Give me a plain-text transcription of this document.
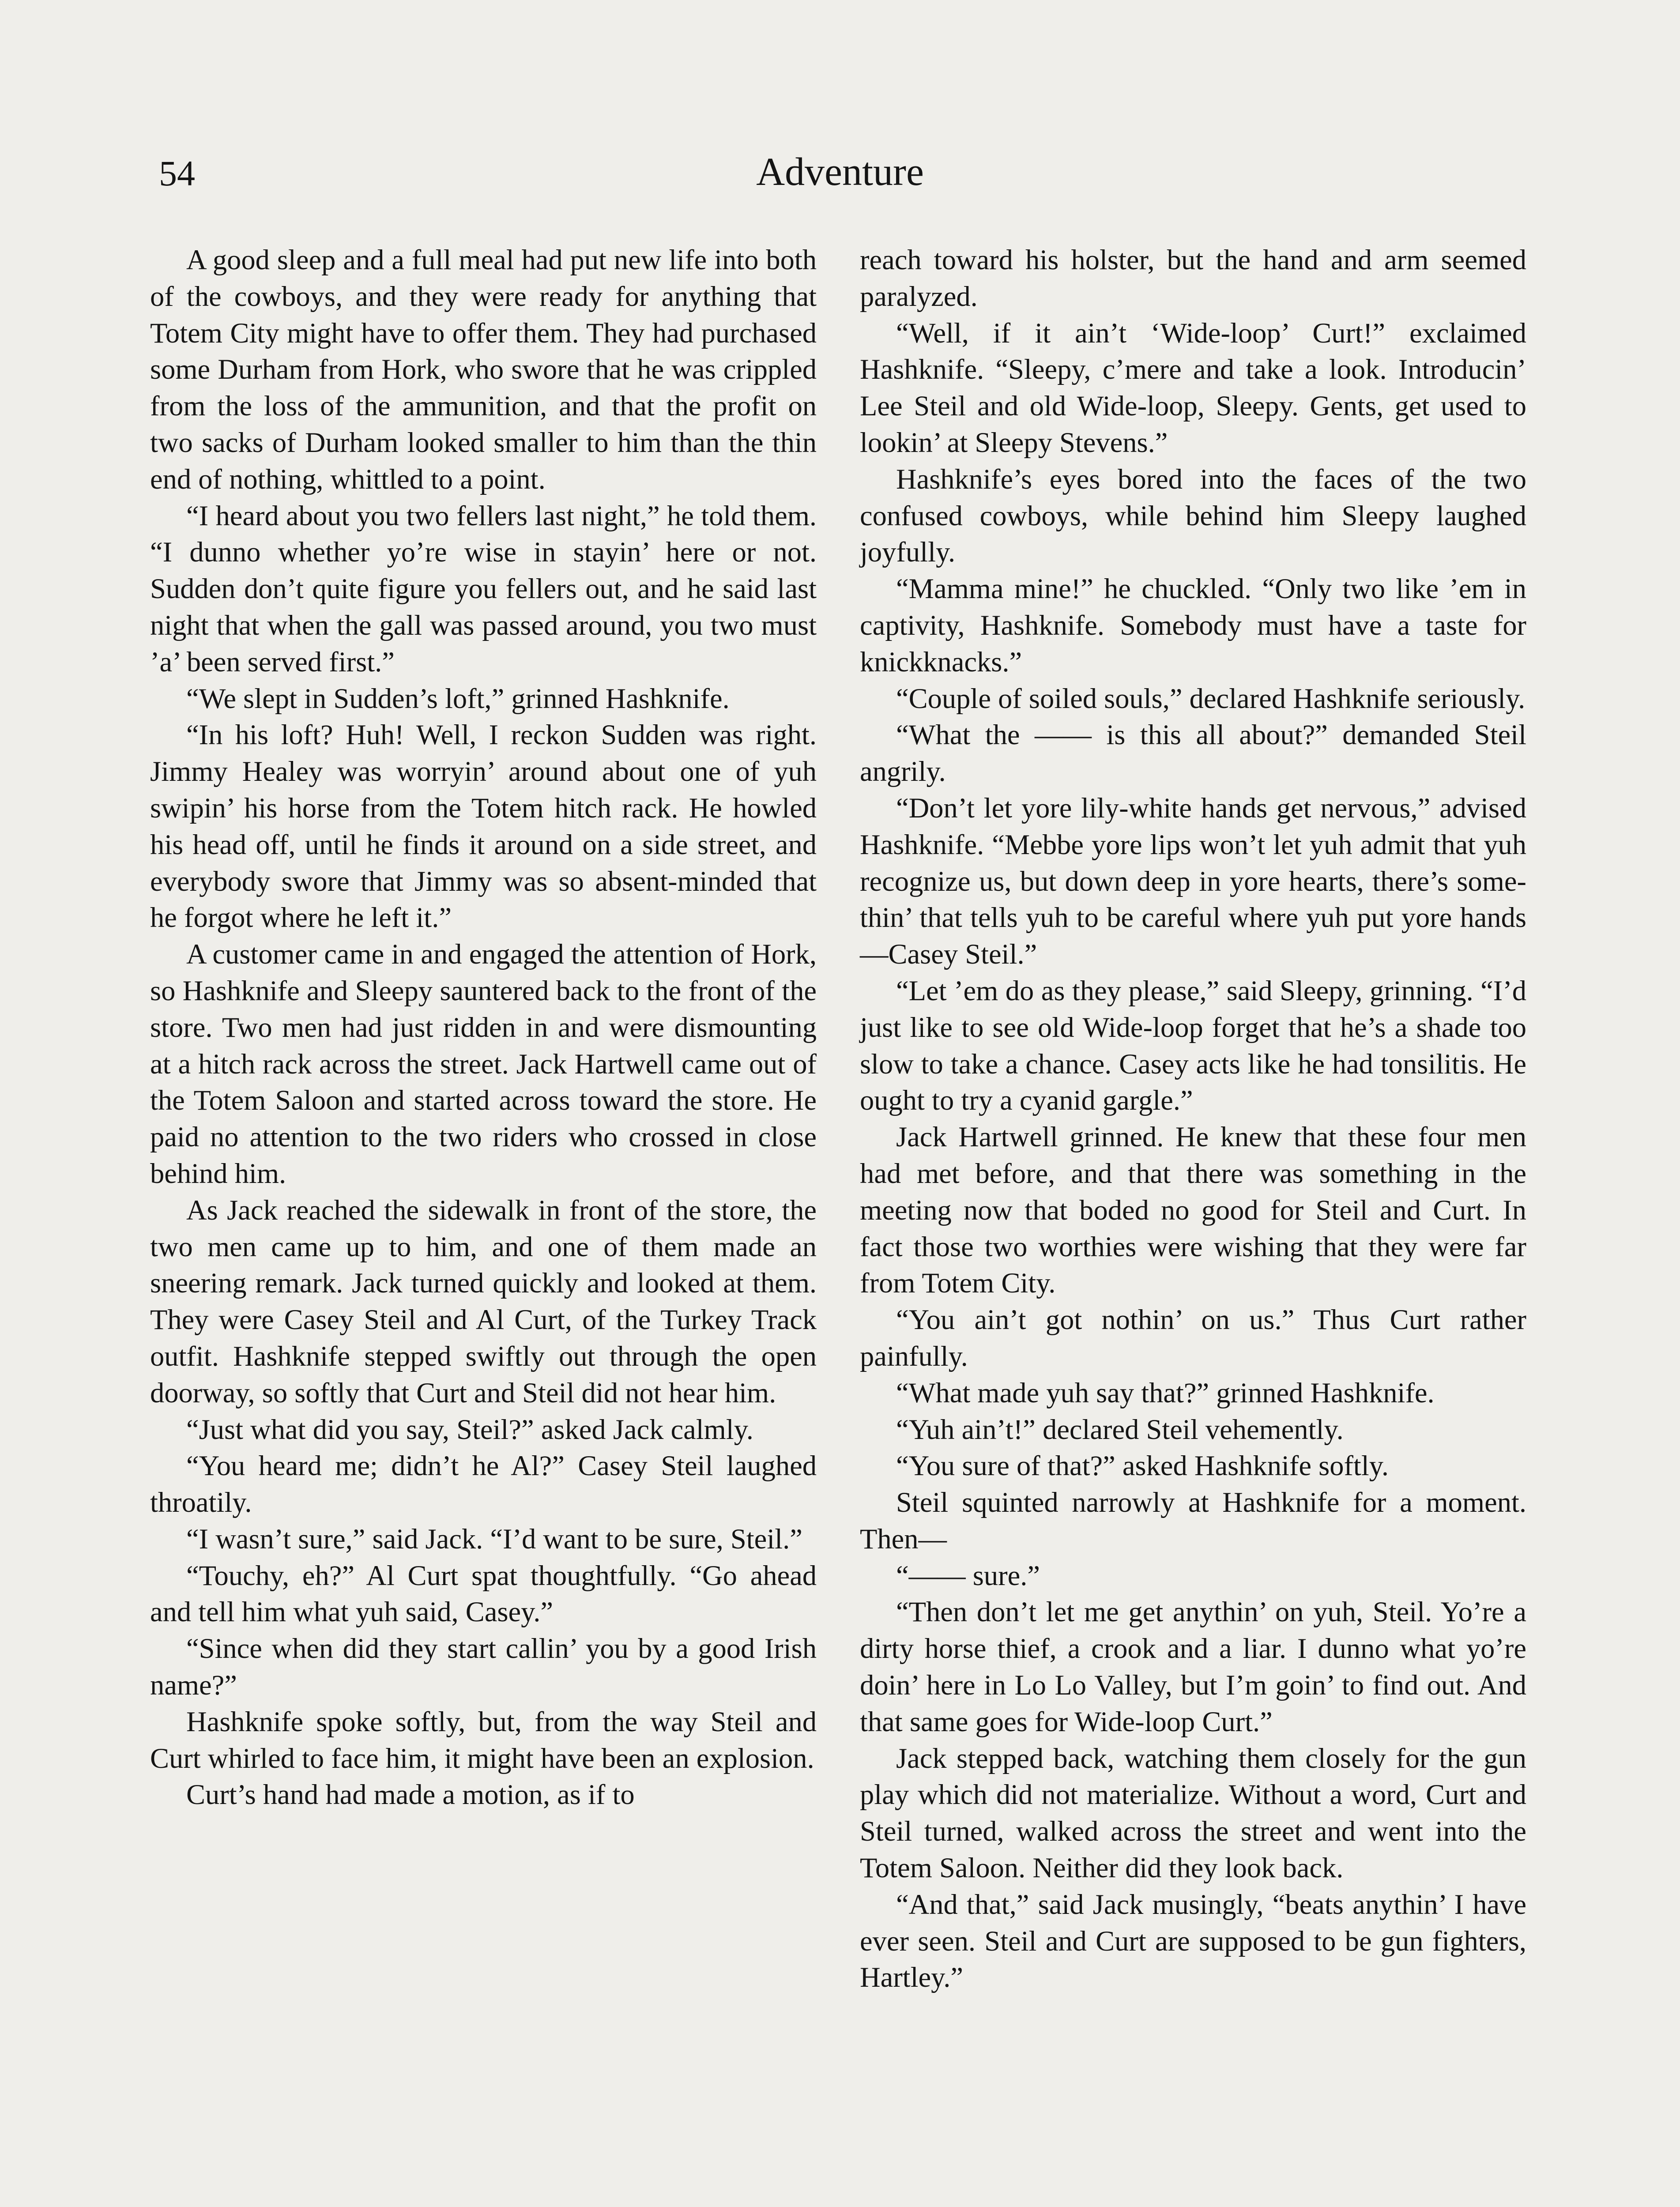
54	Adventure

A good sleep and a full meal had put new life into both of the cowboys, and they were ready for anything that Totem City might have to offer them. They had purchased some Durham from Hork, who swore that he was crippled from the loss of the ammunition, and that the profit on two sacks of Durham looked smaller to him than the thin end of nothing, whittled to a point.

“I heard about you two fellers last night,” he told them. “I dunno whether yo’re wise in stayin’ here or not. Sudden don’t quite figure you fellers out, and he said last night that when the gall was passed around, you two must ’a’ been served first.”

“We slept in Sudden’s loft,” grinned Hashknife.

“In his loft? Huh! Well, I reckon Sudden was right. Jimmy Healey was worryin’ around about one of yuh swipin’ his horse from the Totem hitch rack. He howled his head off, until he finds it around on a side street, and everybody swore that Jimmy was so absent-minded that he forgot where he left it.”

A customer came in and engaged the attention of Hork, so Hashknife and Sleepy sauntered back to the front of the store. Two men had just ridden in and were dismounting at a hitch rack across the street. Jack Hartwell came out of the Totem Saloon and started across toward the store. He paid no attention to the two riders who crossed in close behind him.

As Jack reached the sidewalk in front of the store, the two men came up to him, and one of them made an sneering remark. Jack turned quickly and looked at them. They were Casey Steil and Al Curt, of the Turkey Track outfit. Hashknife stepped swiftly out through the open doorway, so softly that Curt and Steil did not hear him.

“Just what did you say, Steil?” asked Jack calmly.

“You heard me; didn’t he Al?” Casey Steil laughed throatily.

“I wasn’t sure,” said Jack. “I’d want to be sure, Steil.”

“Touchy, eh?” Al Curt spat thoughtfully. “Go ahead and tell him what yuh said, Casey.”

“Since when did they start callin’ you by a good Irish name?”

Hashknife spoke softly, but, from the way Steil and Curt whirled to face him, it might have been an explosion.

Curt’s hand had made a motion, as if to

reach toward his holster, but the hand and arm seemed paralyzed.

“Well, if it ain’t ‘Wide-loop’ Curt!” exclaimed Hashknife. “Sleepy, c’mere and take a look. Introducin’ Lee Steil and old Wide-loop, Sleepy. Gents, get used to lookin’ at Sleepy Stevens.”

Hashknife’s eyes bored into the faces of the two confused cowboys, while behind him Sleepy laughed joyfully.

“Mamma mine!” he chuckled. “Only two like ’em in captivity, Hashknife. Somebody must have a taste for knickknacks.”

“Couple of soiled souls,” declared Hashknife seriously.

“What the —— is this all about?” demanded Steil angrily.

“Don’t let yore lily-white hands get nervous,” advised Hashknife. “Mebbe yore lips won’t let yuh admit that yuh recognize us, but down deep in yore hearts, there’s somethin’ that tells yuh to be careful where yuh put yore hands—Casey Steil.”

“Let ’em do as they please,” said Sleepy, grinning. “I’d just like to see old Wide-loop forget that he’s a shade too slow to take a chance. Casey acts like he had tonsilitis. He ought to try a cyanid gargle.”

Jack Hartwell grinned. He knew that these four men had met before, and that there was something in the meeting now that boded no good for Steil and Curt. In fact those two worthies were wishing that they were far from Totem City.

“You ain’t got nothin’ on us.” Thus Curt rather painfully.

“What made yuh say that?” grinned Hashknife.

“Yuh ain’t!” declared Steil vehemently.

“You sure of that?” asked Hashknife softly.

Steil squinted narrowly at Hashknife for a moment. Then—

“—— sure.”

“Then don’t let me get anythin’ on yuh, Steil. Yo’re a dirty horse thief, a crook and a liar. I dunno what yo’re doin’ here in Lo Lo Valley, but I’m goin’ to find out. And that same goes for Wide-loop Curt.”

Jack stepped back, watching them closely for the gun play which did not materialize. Without a word, Curt and Steil turned, walked across the street and went into the Totem Saloon. Neither did they look back.

“And that,” said Jack musingly, “beats anythin’ I have ever seen. Steil and Curt are supposed to be gun fighters, Hartley.”
